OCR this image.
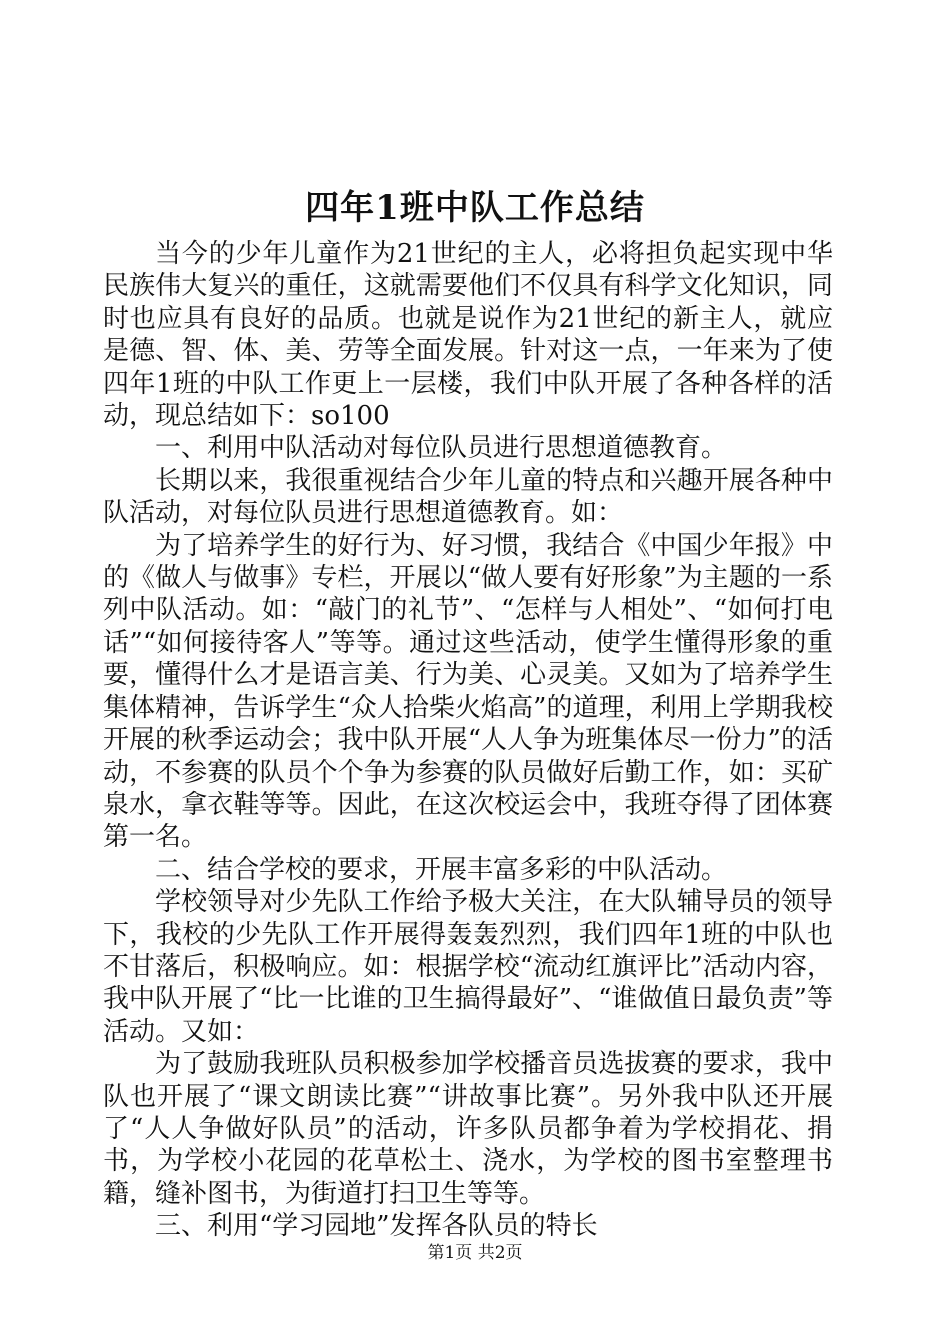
四年1班中队工作总结

当今的少年儿童作为21世纪的主人，必将担负起实现中华民族伟大复兴的重任，这就需要他们不仅具有科学文化知识，同时也应具有良好的品质。也就是说作为21世纪的新主人，就应是德、智、体、美、劳等全面发展。针对这一点，一年来为了使四年1班的中队工作更上一层楼，我们中队开展了各种各样的活动，现总结如下：so100

一、利用中队活动对每位队员进行思想道德教育。

长期以来，我很重视结合少年儿童的特点和兴趣开展各种中队活动，对每位队员进行思想道德教育。如：

为了培养学生的好行为、好习惯，我结合《中国少年报》中的《做人与做事》专栏，开展以“做人要有好形象”为主题的一系列中队活动。如：“敲门的礼节”、“怎样与人相处”、“如何打电话”“如何接待客人”等等。通过这些活动，使学生懂得形象的重要，懂得什么才是语言美、行为美、心灵美。又如为了培养学生集体精神，告诉学生“众人拾柴火焰高”的道理，利用上学期我校开展的秋季运动会；我中队开展“人人争为班集体尽一份力”的活动，不参赛的队员个个争为参赛的队员做好后勤工作，如：买矿泉水，拿衣鞋等等。因此，在这次校运会中，我班夺得了团体赛第一名。

二、结合学校的要求，开展丰富多彩的中队活动。

学校领导对少先队工作给予极大关注，在大队辅导员的领导下，我校的少先队工作开展得轰轰烈烈，我们四年1班的中队也不甘落后，积极响应。如：根据学校“流动红旗评比”活动内容，我中队开展了“比一比谁的卫生搞得最好”、“谁做值日最负责”等活动。又如：

为了鼓励我班队员积极参加学校播音员选拔赛的要求，我中队也开展了“课文朗读比赛”“讲故事比赛”。另外我中队还开展了“人人争做好队员”的活动，许多队员都争着为学校捐花、捐书，为学校小花园的花草松土、浇水，为学校的图书室整理书籍，缝补图书，为街道打扫卫生等等。

三、利用“学习园地”发挥各队员的特长

第1页 共2页
